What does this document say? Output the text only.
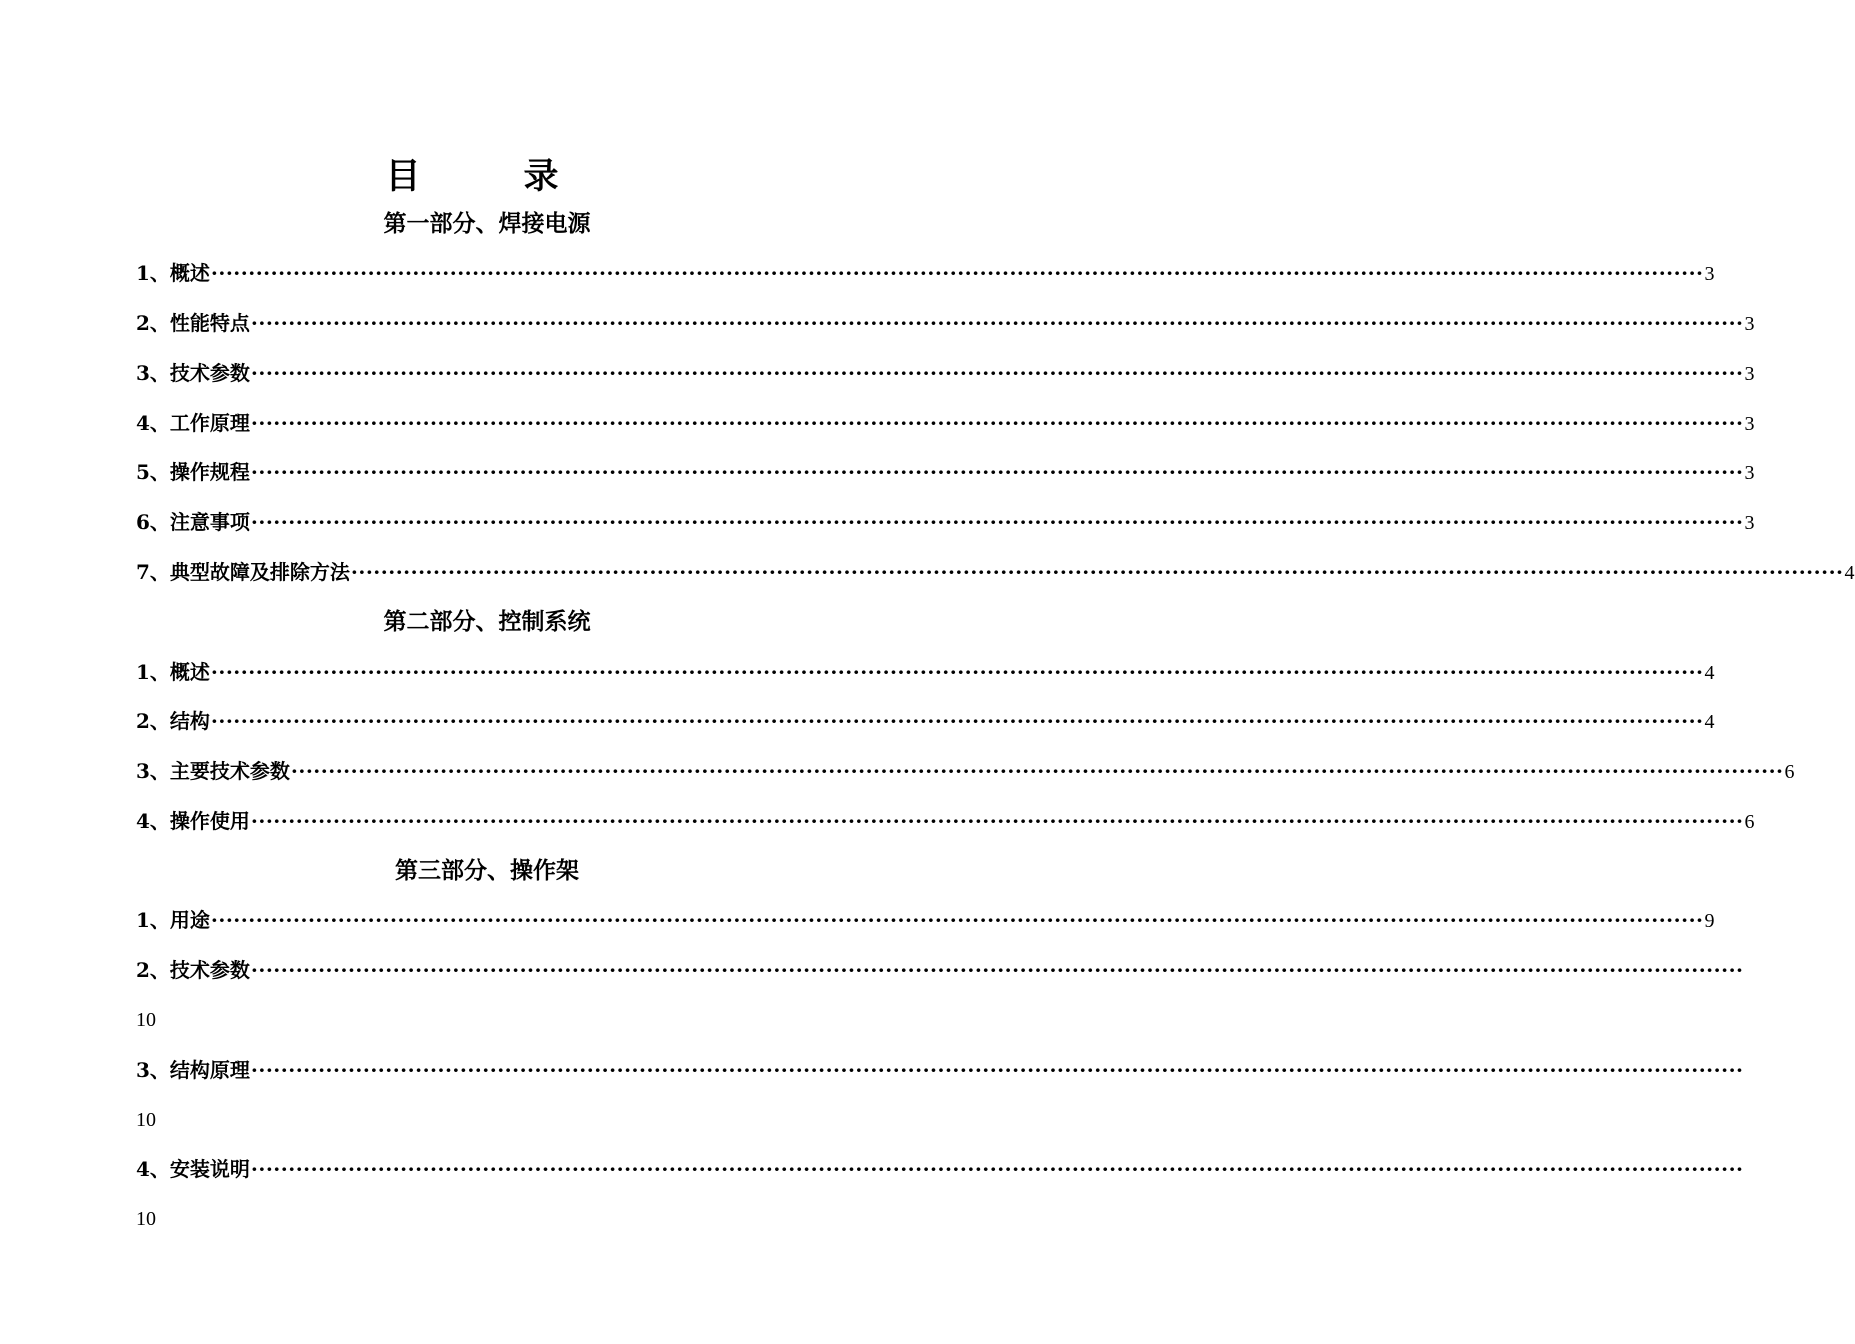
目　录
第一部分、焊接电源
1、概述 ········································································································································································································ 3
2、性能特点 ········································································································································································································ 3
3、技术参数 ········································································································································································································ 3
4、工作原理 ········································································································································································································ 3
5、操作规程 ········································································································································································································ 3
6、注意事项 ········································································································································································································ 3
7、典型故障及排除方法 ········································································································································································································ 4
第二部分、控制系统
1、概述 ········································································································································································································ 4
2、结构 ········································································································································································································ 4
3、主要技术参数 ········································································································································································································ 6
4、操作使用 ········································································································································································································ 6
第三部分、操作架
1、用途 ········································································································································································································ 9
2、技术参数 ········································································································································································································
10
3、结构原理 ········································································································································································································
10
4、安装说明 ········································································································································································································
10
